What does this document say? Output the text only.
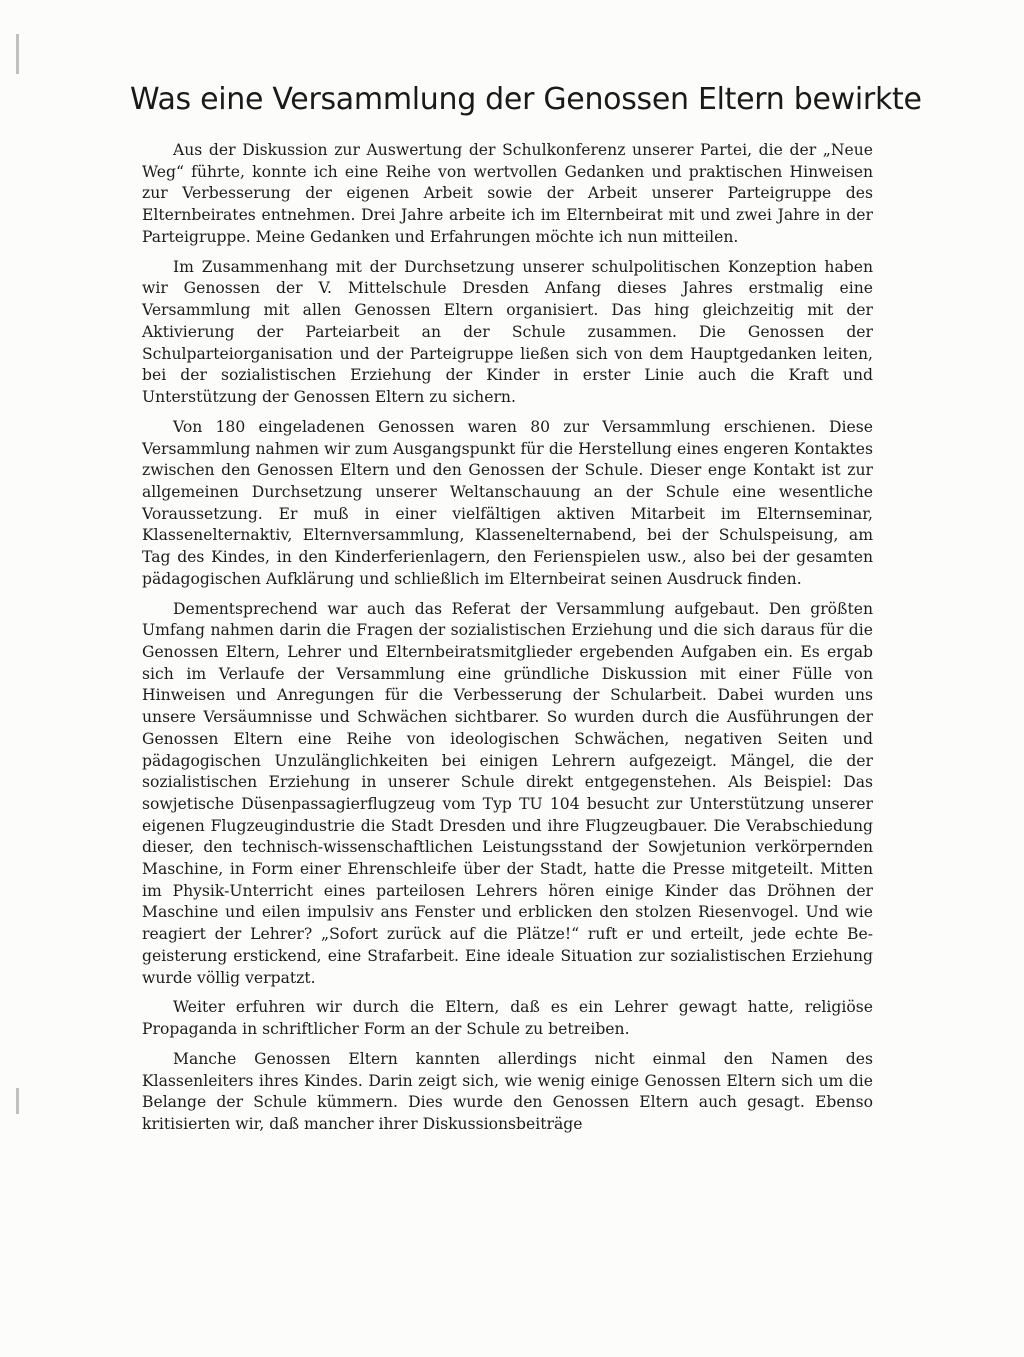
Was eine Versammlung der Genossen Eltern bewirkte

Aus der Diskussion zur Auswertung der Schulkonferenz unserer Partei, die der „Neue Weg“ führte, konnte ich eine Reihe von wertvollen Gedanken und praktischen Hinweisen zur Verbesserung der eigenen Arbeit sowie der Arbeit unserer Parteigruppe des Elternbeirates entnehmen. Drei Jahre arbeite ich im Elternbeirat mit und zwei Jahre in der Parteigruppe. Meine Gedanken und Erfahrungen möchte ich nun mitteilen.

Im Zusammenhang mit der Durchsetzung unserer schulpolitischen Konzeption haben wir Genossen der V. Mittelschule Dresden Anfang dieses Jahres erstmalig eine Versammlung mit allen Genossen Eltern organisiert. Das hing gleichzeitig mit der Aktivierung der Parteiarbeit an der Schule zusammen. Die Genossen der Schulparteiorganisation und der Parteigruppe ließen sich von dem Hauptgedanken leiten, bei der sozialistischen Erziehung der Kinder in erster Linie auch die Kraft und Unterstützung der Genossen Eltern zu sichern.

Von 180 eingeladenen Genossen waren 80 zur Versammlung erschienen. Diese Versammlung nahmen wir zum Ausgangspunkt für die Herstellung eines engeren Kontaktes zwischen den Genossen Eltern und den Genossen der Schule. Dieser enge Kontakt ist zur allgemeinen Durchsetzung unserer Weltanschauung an der Schule eine wesentliche Voraussetzung. Er muß in einer vielfältigen aktiven Mitarbeit im Elternseminar, Klassenelternaktiv, Elternversammlung, Klassenelternabend, bei der Schulspeisung, am Tag des Kindes, in den Kinderferienlagern, den Ferienspielen usw., also bei der gesamten pädagogischen Aufklärung und schließlich im Elternbeirat seinen Ausdruck finden.

Dementsprechend war auch das Referat der Versammlung aufgebaut. Den größten Umfang nahmen darin die Fragen der sozialistischen Erziehung und die sich daraus für die Genossen Eltern, Lehrer und Elternbeiratsmitglieder ergebenden Aufgaben ein. Es ergab sich im Verlaufe der Versammlung eine gründliche Diskussion mit einer Fülle von Hinweisen und Anregungen für die Verbesserung der Schularbeit. Dabei wurden uns unsere Versäumnisse und Schwächen sichtbarer. So wurden durch die Ausführungen der Genossen Eltern eine Reihe von ideologischen Schwächen, negativen Seiten und pädagogischen Unzulänglichkeiten bei einigen Lehrern aufgezeigt. Mängel, die der sozialistischen Erziehung in unserer Schule direkt entgegenstehen. Als Beispiel: Das sowjetische Düsenpassagierflugzeug vom Typ TU 104 besucht zur Unterstützung unserer eigenen Flugzeugindustrie die Stadt Dresden und ihre Flugzeugbauer. Die Verabschiedung dieser, den technisch-wissenschaftlichen Leistungsstand der Sowjetunion verkörpernden Maschine, in Form einer Ehrenschleife über der Stadt, hatte die Presse mitgeteilt. Mitten im Physik-Unterricht eines parteilosen Lehrers hören einige Kinder das Dröhnen der Maschine und eilen impulsiv ans Fenster und erblicken den stolzen Riesenvogel. Und wie reagiert der Lehrer? „Sofort zurück auf die Plätze!“ ruft er und erteilt, jede echte Begeisterung erstickend, eine Strafarbeit. Eine ideale Situation zur sozialistischen Erziehung wurde völlig verpatzt.

Weiter erfuhren wir durch die Eltern, daß es ein Lehrer gewagt hatte, religiöse Propaganda in schriftlicher Form an der Schule zu betreiben.

Manche Genossen Eltern kannten allerdings nicht einmal den Namen des Klassenleiters ihres Kindes. Darin zeigt sich, wie wenig einige Genossen Eltern sich um die Belange der Schule kümmern. Dies wurde den Genossen Eltern auch gesagt. Ebenso kritisierten wir, daß mancher ihrer Diskussionsbeiträge
